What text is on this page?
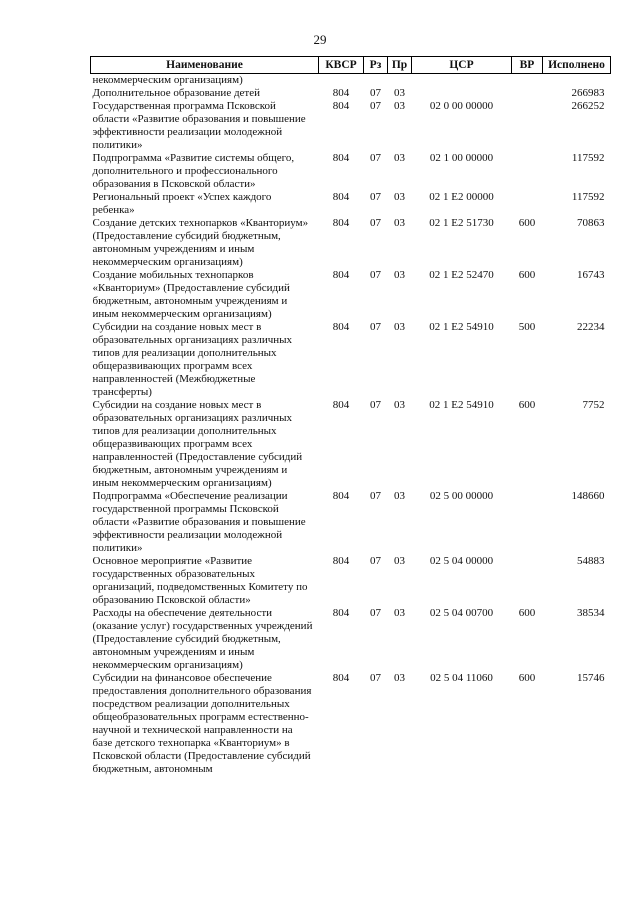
29
Наименование	КВСР	Рз	Пр	ЦСР	ВР	Исполнено
некоммерческим организациям)						
Дополнительное образование детей	804	07	03			266983
Государственная программа Псковской области «Развитие образования и повышение эффективности реализации молодежной политики»	804	07	03	02 0 00 00000		266252
Подпрограмма «Развитие системы общего, дополнительного и профессионального образования в Псковской области»	804	07	03	02 1 00 00000		117592
Региональный проект «Успех каждого ребенка»	804	07	03	02 1 E2 00000		117592
Создание детских технопарков «Кванториум» (Предоставление субсидий бюджетным, автономным учреждениям и иным некоммерческим организациям)	804	07	03	02 1 E2 51730	600	70863
Создание мобильных технопарков «Кванториум» (Предоставление субсидий бюджетным, автономным учреждениям и иным некоммерческим организациям)	804	07	03	02 1 E2 52470	600	16743
Субсидии на создание новых мест в образовательных организациях различных типов для реализации дополнительных общеразвивающих программ всех направленностей (Межбюджетные трансферты)	804	07	03	02 1 E2 54910	500	22234
Субсидии на создание новых мест в образовательных организациях различных типов для реализации дополнительных общеразвивающих программ всех направленностей (Предоставление субсидий бюджетным, автономным учреждениям и иным некоммерческим организациям)	804	07	03	02 1 E2 54910	600	7752
Подпрограмма «Обеспечение реализации государственной программы Псковской области «Развитие образования и повышение эффективности реализации молодежной политики»	804	07	03	02 5 00 00000		148660
Основное мероприятие «Развитие государственных образовательных организаций, подведомственных Комитету по образованию Псковской области»	804	07	03	02 5 04 00000		54883
Расходы на обеспечение деятельности (оказание услуг) государственных учреждений (Предоставление субсидий бюджетным, автономным учреждениям и иным некоммерческим организациям)	804	07	03	02 5 04 00700	600	38534
Субсидии на финансовое обеспечение предоставления дополнительного образования посредством реализации дополнительных общеобразовательных программ естественно-научной и технической направленности на базе детского технопарка «Кванториум» в Псковской области (Предоставление субсидий бюджетным, автономным	804	07	03	02 5 04 11060	600	15746
